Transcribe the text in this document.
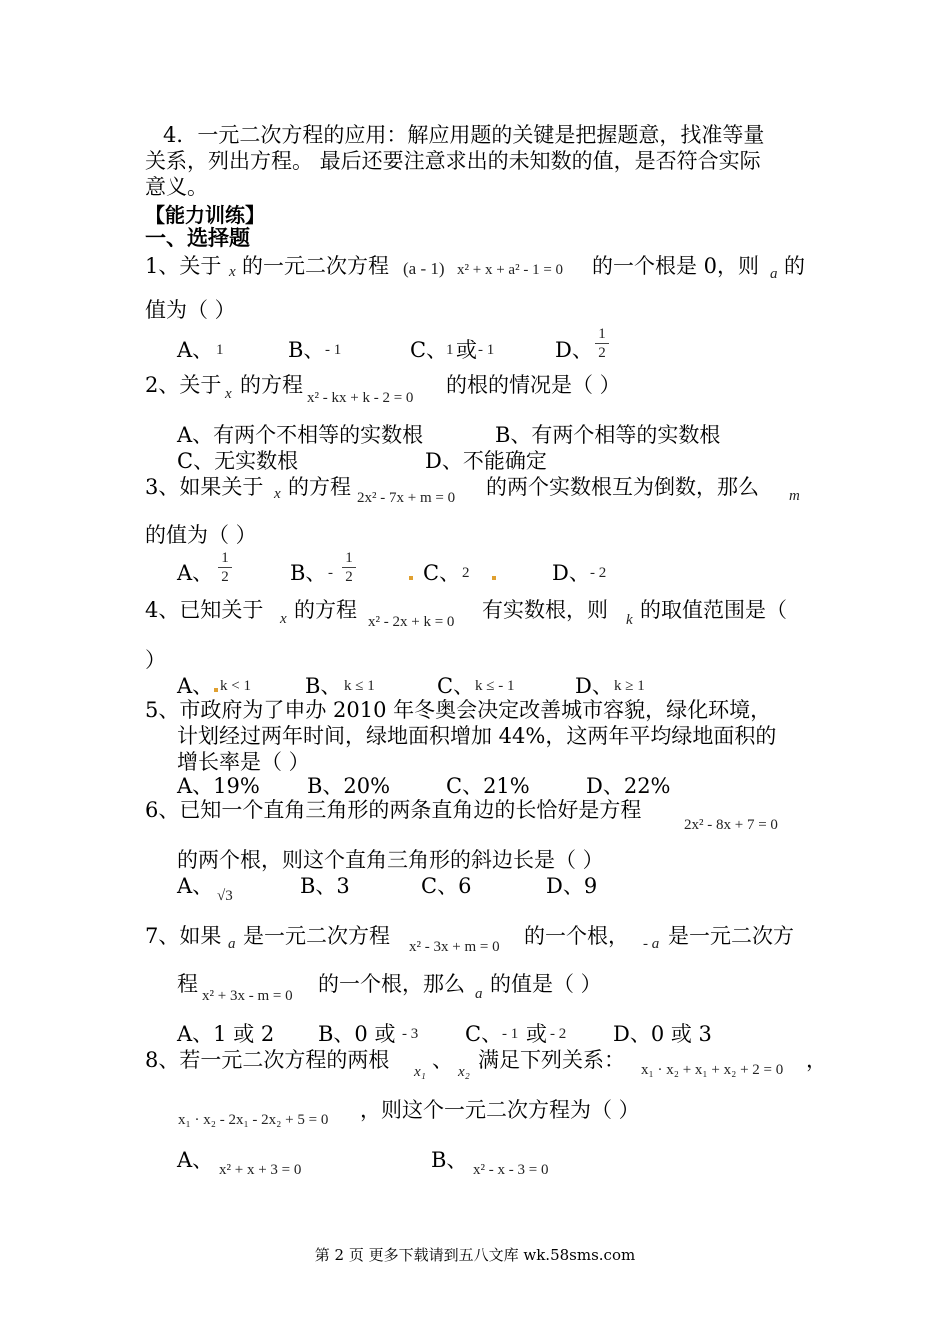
4．一元二次方程的应用：解应用题的关键是把握题意，找准等量
关系，列出方程。 最后还要注意求出的未知数的值，是否符合实际
意义。
【能力训练】
一、选择题
1、关于 x 的一元二次方程 (a - 1) x² + x + a² - 1 = 0 的一个根是 0，则 a 的
值为（ ）
A、 1	B、 - 1	C、
1 或 - 1	D、
1
2
2、关于 x 的方程
x² - kx + k - 2 = 0
的根的情况是（ ）
A、有两个不相等的实数根	B、有两个相等的实数根
C、无实数根	D、不能确定
3、如果关于 x 的方程 2x² - 7x + m = 0 的两个实数根互为倒数，那么 m
的值为（ ）
A、
1
2	B、 -
1
2	C、 2	D、 - 2
4、已知关于 x 的方程 x² - 2x + k = 0 有实数根，则 k 的取值范围是（
）
A、 k < 1	B、 k ≤ 1	C、 k ≤ - 1	D、 k ≥ 1
5、市政府为了申办 2010 年冬奥会决定改善城市容貌，绿化环境，
计划经过两年时间，绿地面积增加 44%，这两年平均绿地面积的
增长率是（ ）
A、19% B、20%	C、21%	D、22%
6、已知一个直角三角形的两条直角边的长恰好是方程
2x² - 8x + 7 = 0
的两个根，则这个直角三角形的斜边长是（ ）
A、 √3	B、3	C、6	D、9
7、如果 a 是一元二次方程 x² - 3x + m = 0 的一个根， - a 是一元二次方
程 x² + 3x - m = 0 的一个根，那么 a 的值是（ ）
A、1 或 2 B、0 或 - 3 C、 - 1 或 - 2 D、0 或 3
8、若一元二次方程的两根 x₁ 、 x₂ 满足下列关系： x₁ · x₂ + x₁ + x₂ + 2 = 0 ，
x₁ · x₂ - 2x₁ - 2x₂ + 5 = 0 ，则这个一元二次方程为（ ）
A、 x² + x + 3 = 0	B、 x² - x - 3 = 0
第 2 页 更多下载请到五八文库 wk.58sms.com
